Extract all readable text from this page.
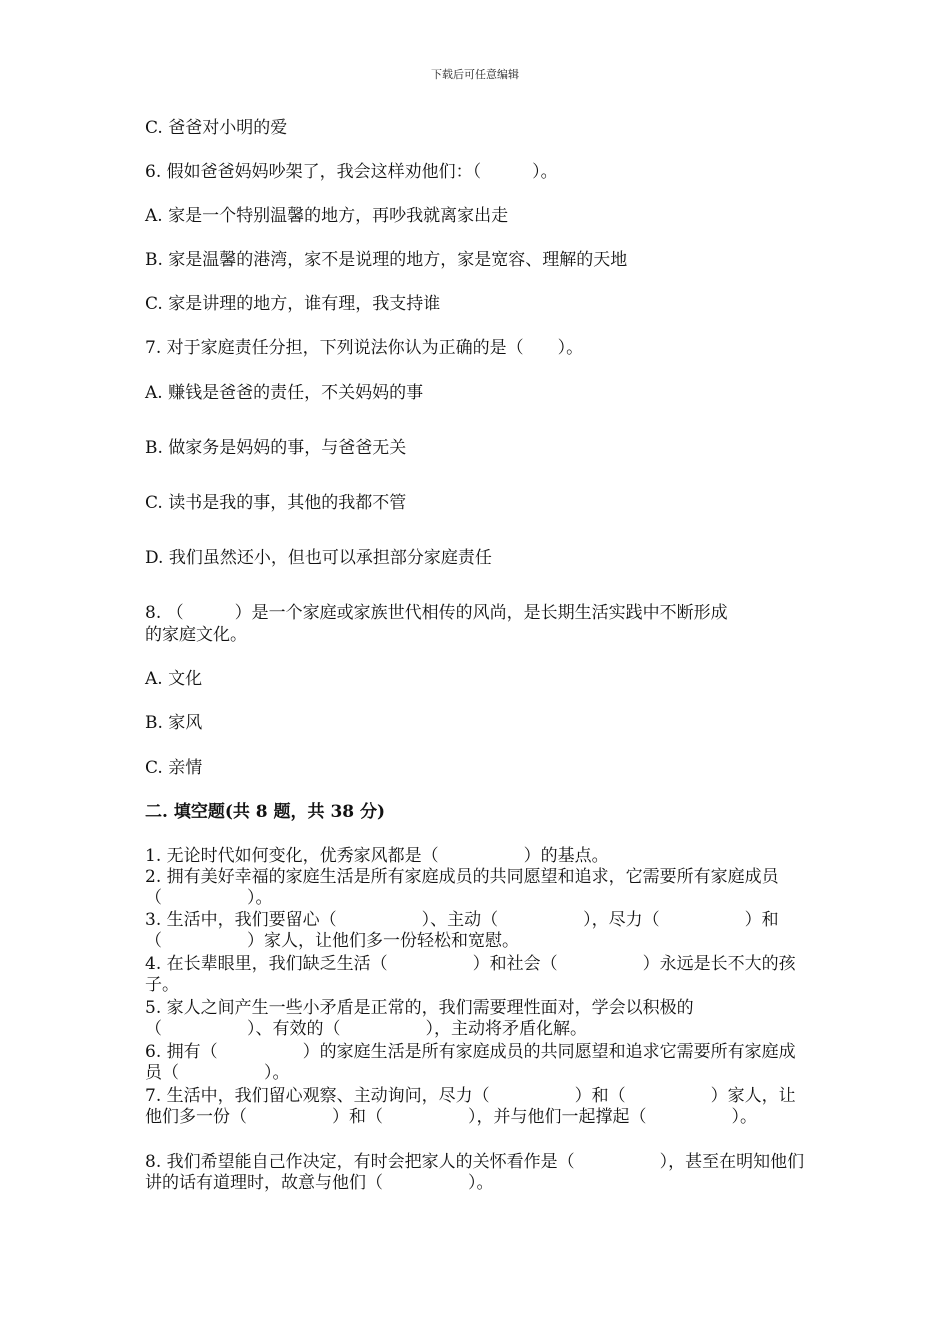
下载后可任意编辑
C. 爸爸对小明的爱
6. 假如爸爸妈妈吵架了，我会这样劝他们：（　　　）。
A. 家是一个特别温馨的地方，再吵我就离家出走
B. 家是温馨的港湾，家不是说理的地方，家是宽容、理解的天地
C. 家是讲理的地方，谁有理，我支持谁
7. 对于家庭责任分担，下列说法你认为正确的是（　　）。
A. 赚钱是爸爸的责任，不关妈妈的事
B. 做家务是妈妈的事，与爸爸无关
C. 读书是我的事，其他的我都不管
D. 我们虽然还小，但也可以承担部分家庭责任
8. （　　　）是一个家庭或家族世代相传的风尚，是长期生活实践中不断形成
的家庭文化。
A. 文化
B. 家风
C. 亲情
二. 填空题(共 8 题，共 38 分)
1. 无论时代如何变化，优秀家风都是（　　　　　）的基点。
2. 拥有美好幸福的家庭生活是所有家庭成员的共同愿望和追求，它需要所有家庭成员（　　　　　）。
3. 生活中，我们要留心（　　　　　）、主动（　　　　　），尽力（　　　　　）和（　　　　　）家人，让他们多一份轻松和宽慰。
4. 在长辈眼里，我们缺乏生活（　　　　　）和社会（　　　　　）永远是长不大的孩子。
5. 家人之间产生一些小矛盾是正常的，我们需要理性面对，学会以积极的（　　　　　）、有效的（　　　　　），主动将矛盾化解。
6. 拥有（　　　　　）的家庭生活是所有家庭成员的共同愿望和追求它需要所有家庭成员（　　　　　）。
7. 生活中，我们留心观察、主动询问，尽力（　　　　　）和（　　　　　）家人，让他们多一份（　　　　　）和（　　　　　），并与他们一起撑起（　　　　　）。
8. 我们希望能自己作决定，有时会把家人的关怀看作是（　　　　　），甚至在明知他们讲的话有道理时，故意与他们（　　　　　）。
